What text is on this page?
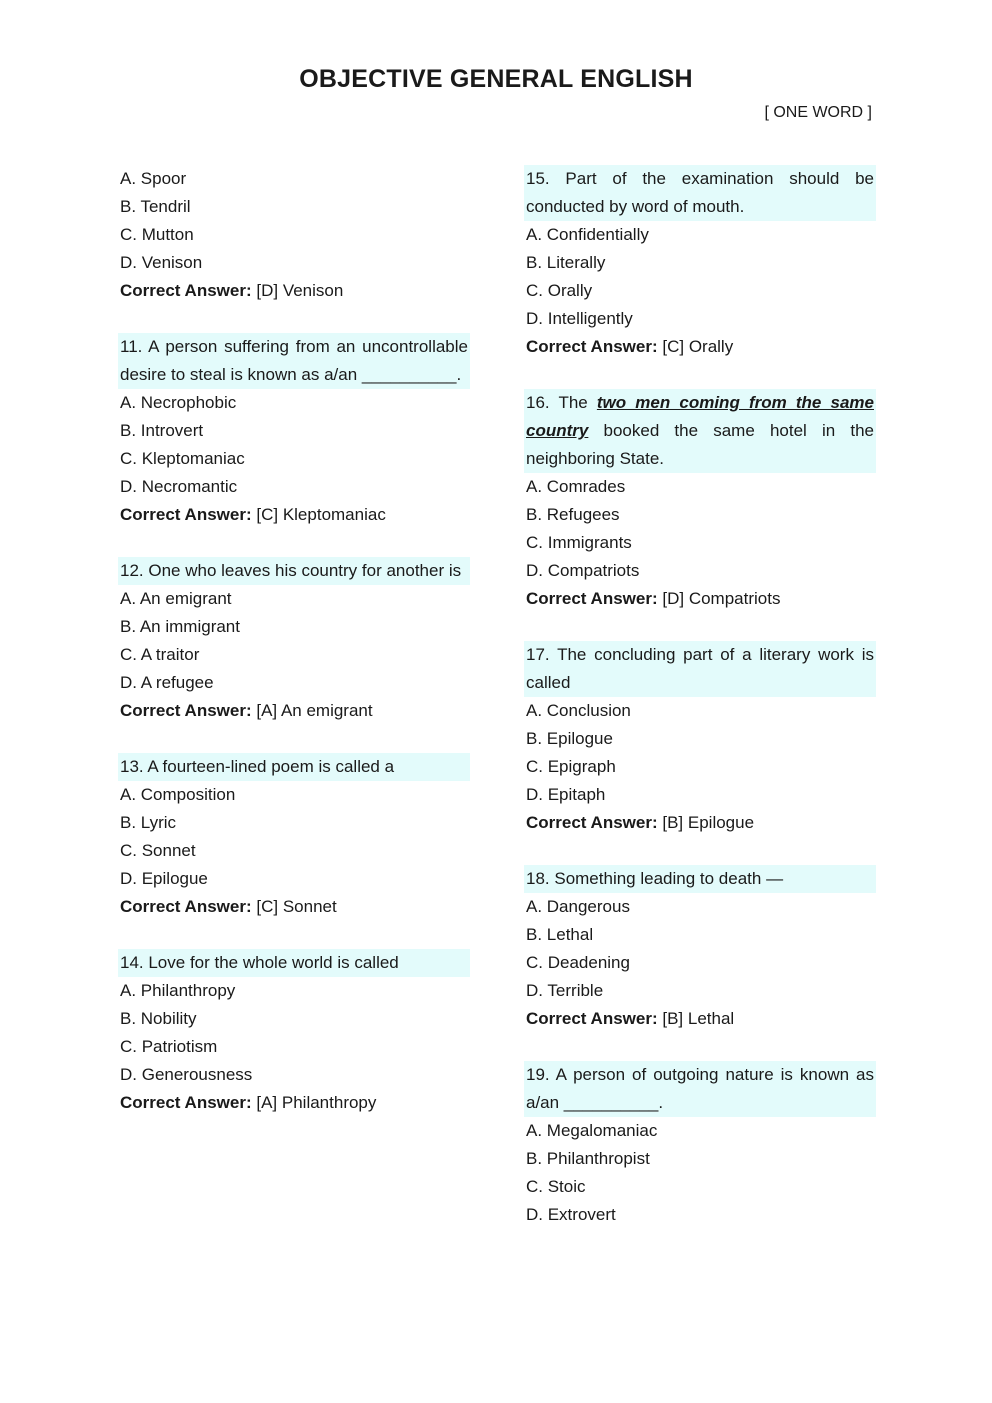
OBJECTIVE GENERAL ENGLISH
[ ONE WORD ]
A. Spoor
B. Tendril
C. Mutton
D. Venison
Correct Answer: [D] Venison
11. A person suffering from an uncontrollable desire to steal is known as a/an __________.
A. Necrophobic
B. Introvert
C. Kleptomaniac
D. Necromantic
Correct Answer: [C] Kleptomaniac
12. One who leaves his country for another is
A. An emigrant
B. An immigrant
C. A traitor
D. A refugee
Correct Answer: [A] An emigrant
13. A fourteen-lined poem is called a
A. Composition
B. Lyric
C. Sonnet
D. Epilogue
Correct Answer: [C] Sonnet
14. Love for the whole world is called
A. Philanthropy
B. Nobility
C. Patriotism
D. Generousness
Correct Answer: [A] Philanthropy
15. Part of the examination should be conducted by word of mouth.
A. Confidentially
B. Literally
C. Orally
D. Intelligently
Correct Answer: [C] Orally
16. The two men coming from the same country booked the same hotel in the neighboring State.
A. Comrades
B. Refugees
C. Immigrants
D. Compatriots
Correct Answer: [D] Compatriots
17. The concluding part of a literary work is called
A. Conclusion
B. Epilogue
C. Epigraph
D. Epitaph
Correct Answer: [B] Epilogue
18. Something leading to death —
A. Dangerous
B. Lethal
C. Deadening
D. Terrible
Correct Answer: [B] Lethal
19. A person of outgoing nature is known as a/an __________.
A. Megalomaniac
B. Philanthropist
C. Stoic
D. Extrovert
